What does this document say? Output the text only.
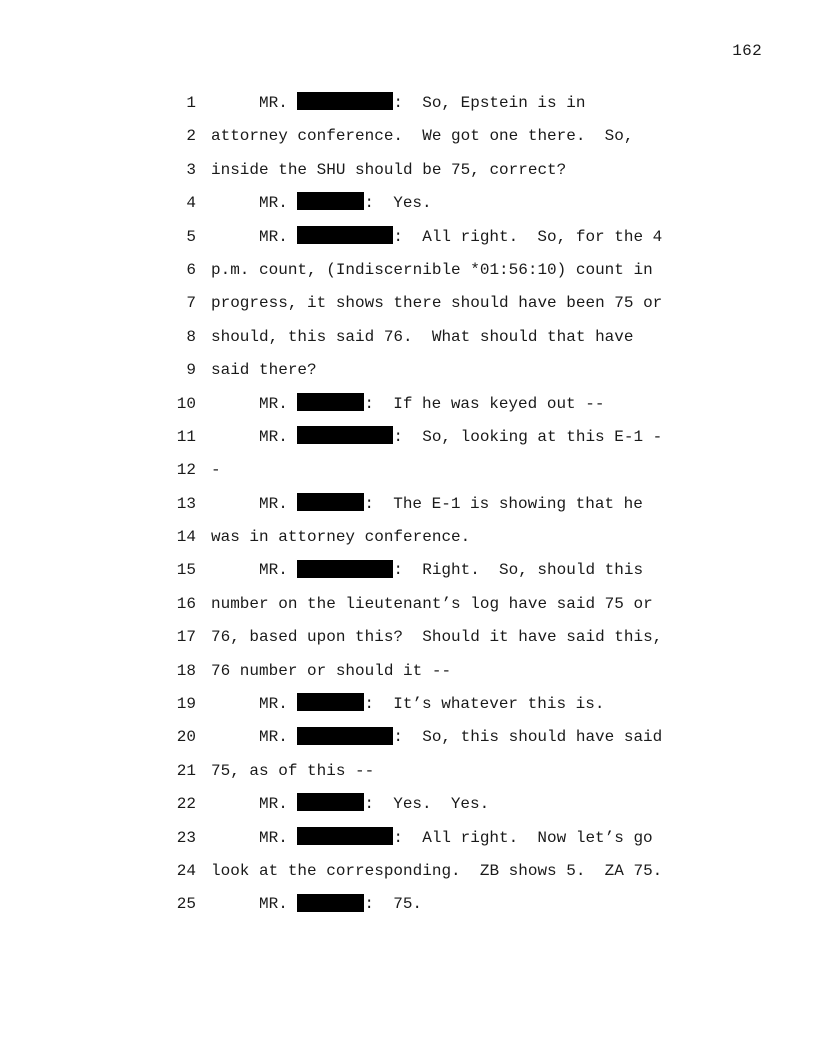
162
1	MR.	:  So, Epstein is in
2 attorney conference.  We got one there.  So,
3 inside the SHU should be 75, correct?
4	MR.	:  Yes.
5	MR.	:  All right.  So, for the 4
6 p.m. count, (Indiscernible *01:56:10) count in
7 progress, it shows there should have been 75 or
8 should, this said 76.  What should that have
9 said there?
10	MR.	:  If he was keyed out --
11	MR.	:  So, looking at this E-1 -
12 -
13	MR.	:  The E-1 is showing that he
14 was in attorney conference.
15	MR.	:  Right.  So, should this
16 number on the lieutenant’s log have said 75 or
17 76, based upon this?  Should it have said this,
18 76 number or should it --
19	MR.	:  It’s whatever this is.
20	MR.	:  So, this should have said
21 75, as of this --
22	MR.	:  Yes.  Yes.
23	MR.	:  All right.  Now let’s go
24 look at the corresponding.  ZB shows 5.  ZA 75.
25	MR.	:  75.
